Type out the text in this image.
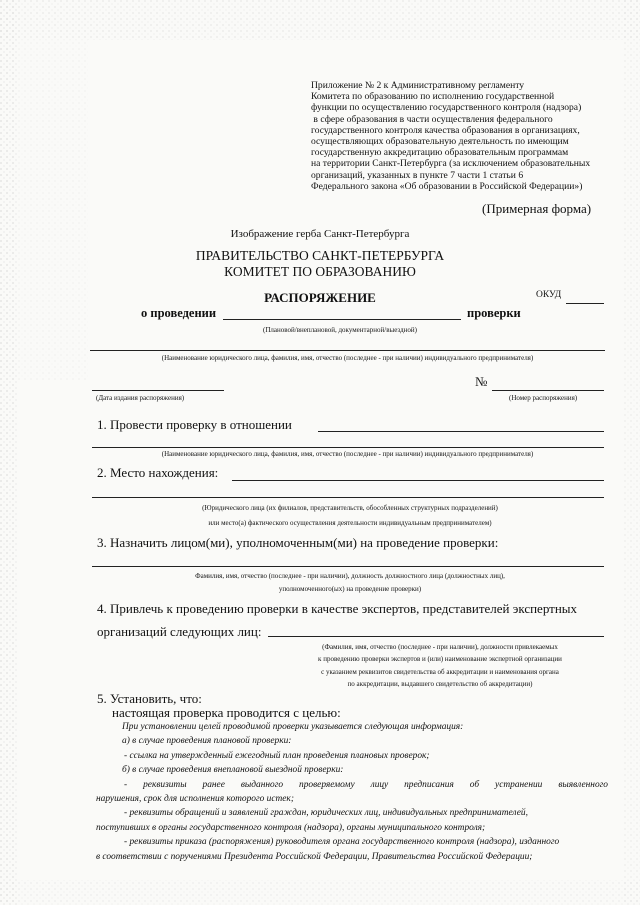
Приложение № 2 к Административному регламенту
Комитета по образованию по исполнению государственной
функции по осуществлению государственного контроля (надзора)
в сфере образования в части осуществления федерального
государственного контроля качества образования в организациях,
осуществляющих образовательную деятельность по имеющим
государственную аккредитацию образовательным программам
на территории Санкт-Петербурга (за исключением образовательных
организаций, указанных в пункте 7 части 1 статьи 6
Федерального закона «Об образовании в Российской Федерации»)
(Примерная форма)
Изображение герба Санкт-Петербурга
ПРАВИТЕЛЬСТВО САНКТ-ПЕТЕРБУРГА
КОМИТЕТ ПО ОБРАЗОВАНИЮ
РАСПОРЯЖЕНИЕ	ОКУД
о проведении	проверки
(Плановой/внеплановой, документарной/выездной)
(Наименование юридического лица, фамилия, имя, отчество (последнее - при наличии) индивидуального предпринимателя)
№
(Дата издания распоряжения)	(Номер распоряжения)
1. Провести проверку в отношении
(Наименование юридического лица, фамилия, имя, отчество (последнее - при наличии) индивидуального предпринимателя)
2. Место нахождения:
(Юридического лица (их филиалов, представительств, обособленных структурных подразделений)
или место(а) фактического осуществления деятельности индивидуальным предпринимателем)
3. Назначить лицом(ми), уполномоченным(ми) на проведение проверки:
Фамилия, имя, отчество (последнее - при наличии), должность должностного лица (должностных лиц),
уполномоченного(ых) на проведение проверки)
4. Привлечь к проведению проверки в качестве экспертов, представителей экспертных
организаций следующих лиц:
(Фамилия, имя, отчество (последнее - при наличии), должности привлекаемых
к проведению проверки экспертов и (или) наименование экспертной организации
с указанием реквизитов свидетельства об аккредитации и наименования органа
по аккредитации, выдавшего свидетельство об аккредитации)
5. Установить, что:
настоящая проверка проводится с целью:
При установлении целей проводимой проверки указывается следующая информация:
а) в случае проведения плановой проверки:
- ссылка на утвержденный ежегодный план проведения плановых проверок;
б) в случае проведения внеплановой выездной проверки:
- реквизиты ранее выданного проверяемому лицу предписания об устранении выявленного
нарушения, срок для исполнения которого истек;
- реквизиты обращений и заявлений граждан, юридических лиц, индивидуальных предпринимателей,
поступивших в органы государственного контроля (надзора), органы муниципального контроля;
- реквизиты приказа (распоряжения) руководителя органа государственного контроля (надзора), изданного
в соответствии с поручениями Президента Российской Федерации, Правительства Российской Федерации;
